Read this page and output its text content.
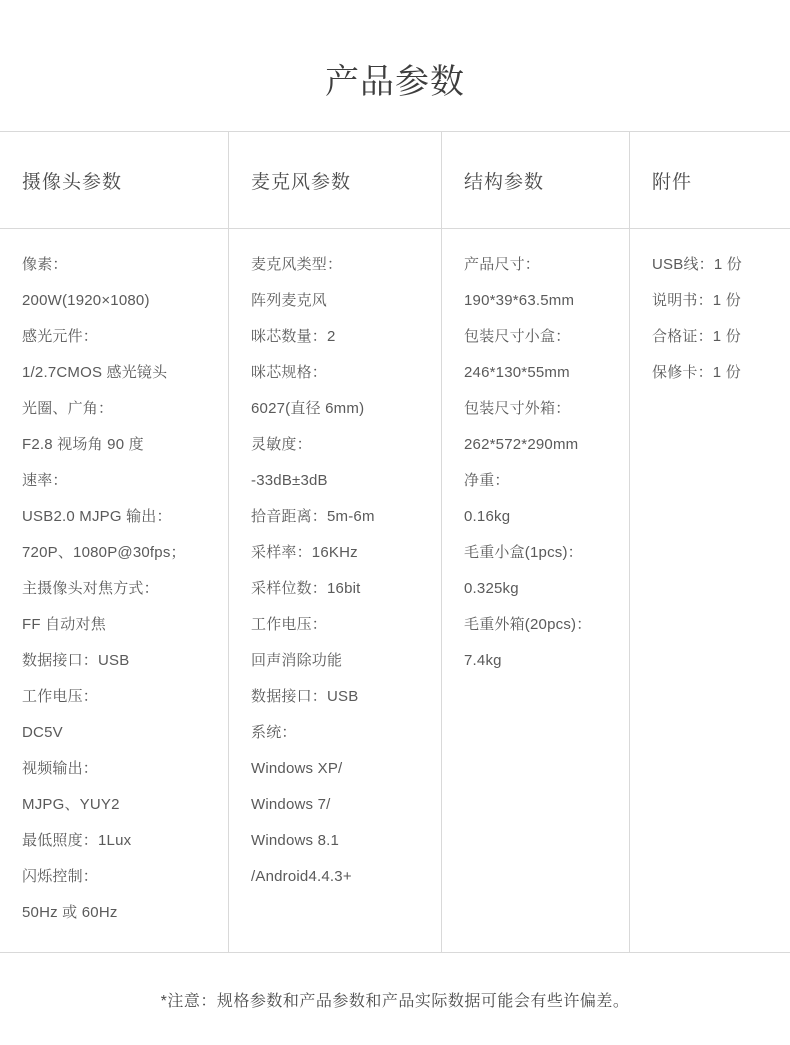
产品参数
摄像头参数
像素：
200W(1920×1080)
感光元件：
1/2.7CMOS 感光镜头
光圈、广角：
F2.8 视场角 90 度
速率：
USB2.0 MJPG 输出：
720P、1080P@30fps；
主摄像头对焦方式：
FF 自动对焦
数据接口：USB
工作电压：
DC5V
视频输出：
MJPG、YUY2
最低照度：1Lux
闪烁控制：
50Hz 或 60Hz
麦克风参数
麦克风类型：
阵列麦克风
咪芯数量：2
咪芯规格：
6027(直径 6mm)
灵敏度：
-33dB±3dB
拾音距离：5m-6m
采样率：16KHz
采样位数：16bit
工作电压：
回声消除功能
数据接口：USB
系统：
Windows XP/
Windows 7/
Windows 8.1
/Android4.4.3+
结构参数
产品尺寸：
190*39*63.5mm
包装尺寸小盒：
246*130*55mm
包装尺寸外箱：
262*572*290mm
净重：
0.16kg
毛重小盒(1pcs)：
0.325kg
毛重外箱(20pcs)：
7.4kg
附件
USB线：1 份
说明书：1 份
合格证：1 份
保修卡：1 份
*注意：规格参数和产品参数和产品实际数据可能会有些许偏差。
